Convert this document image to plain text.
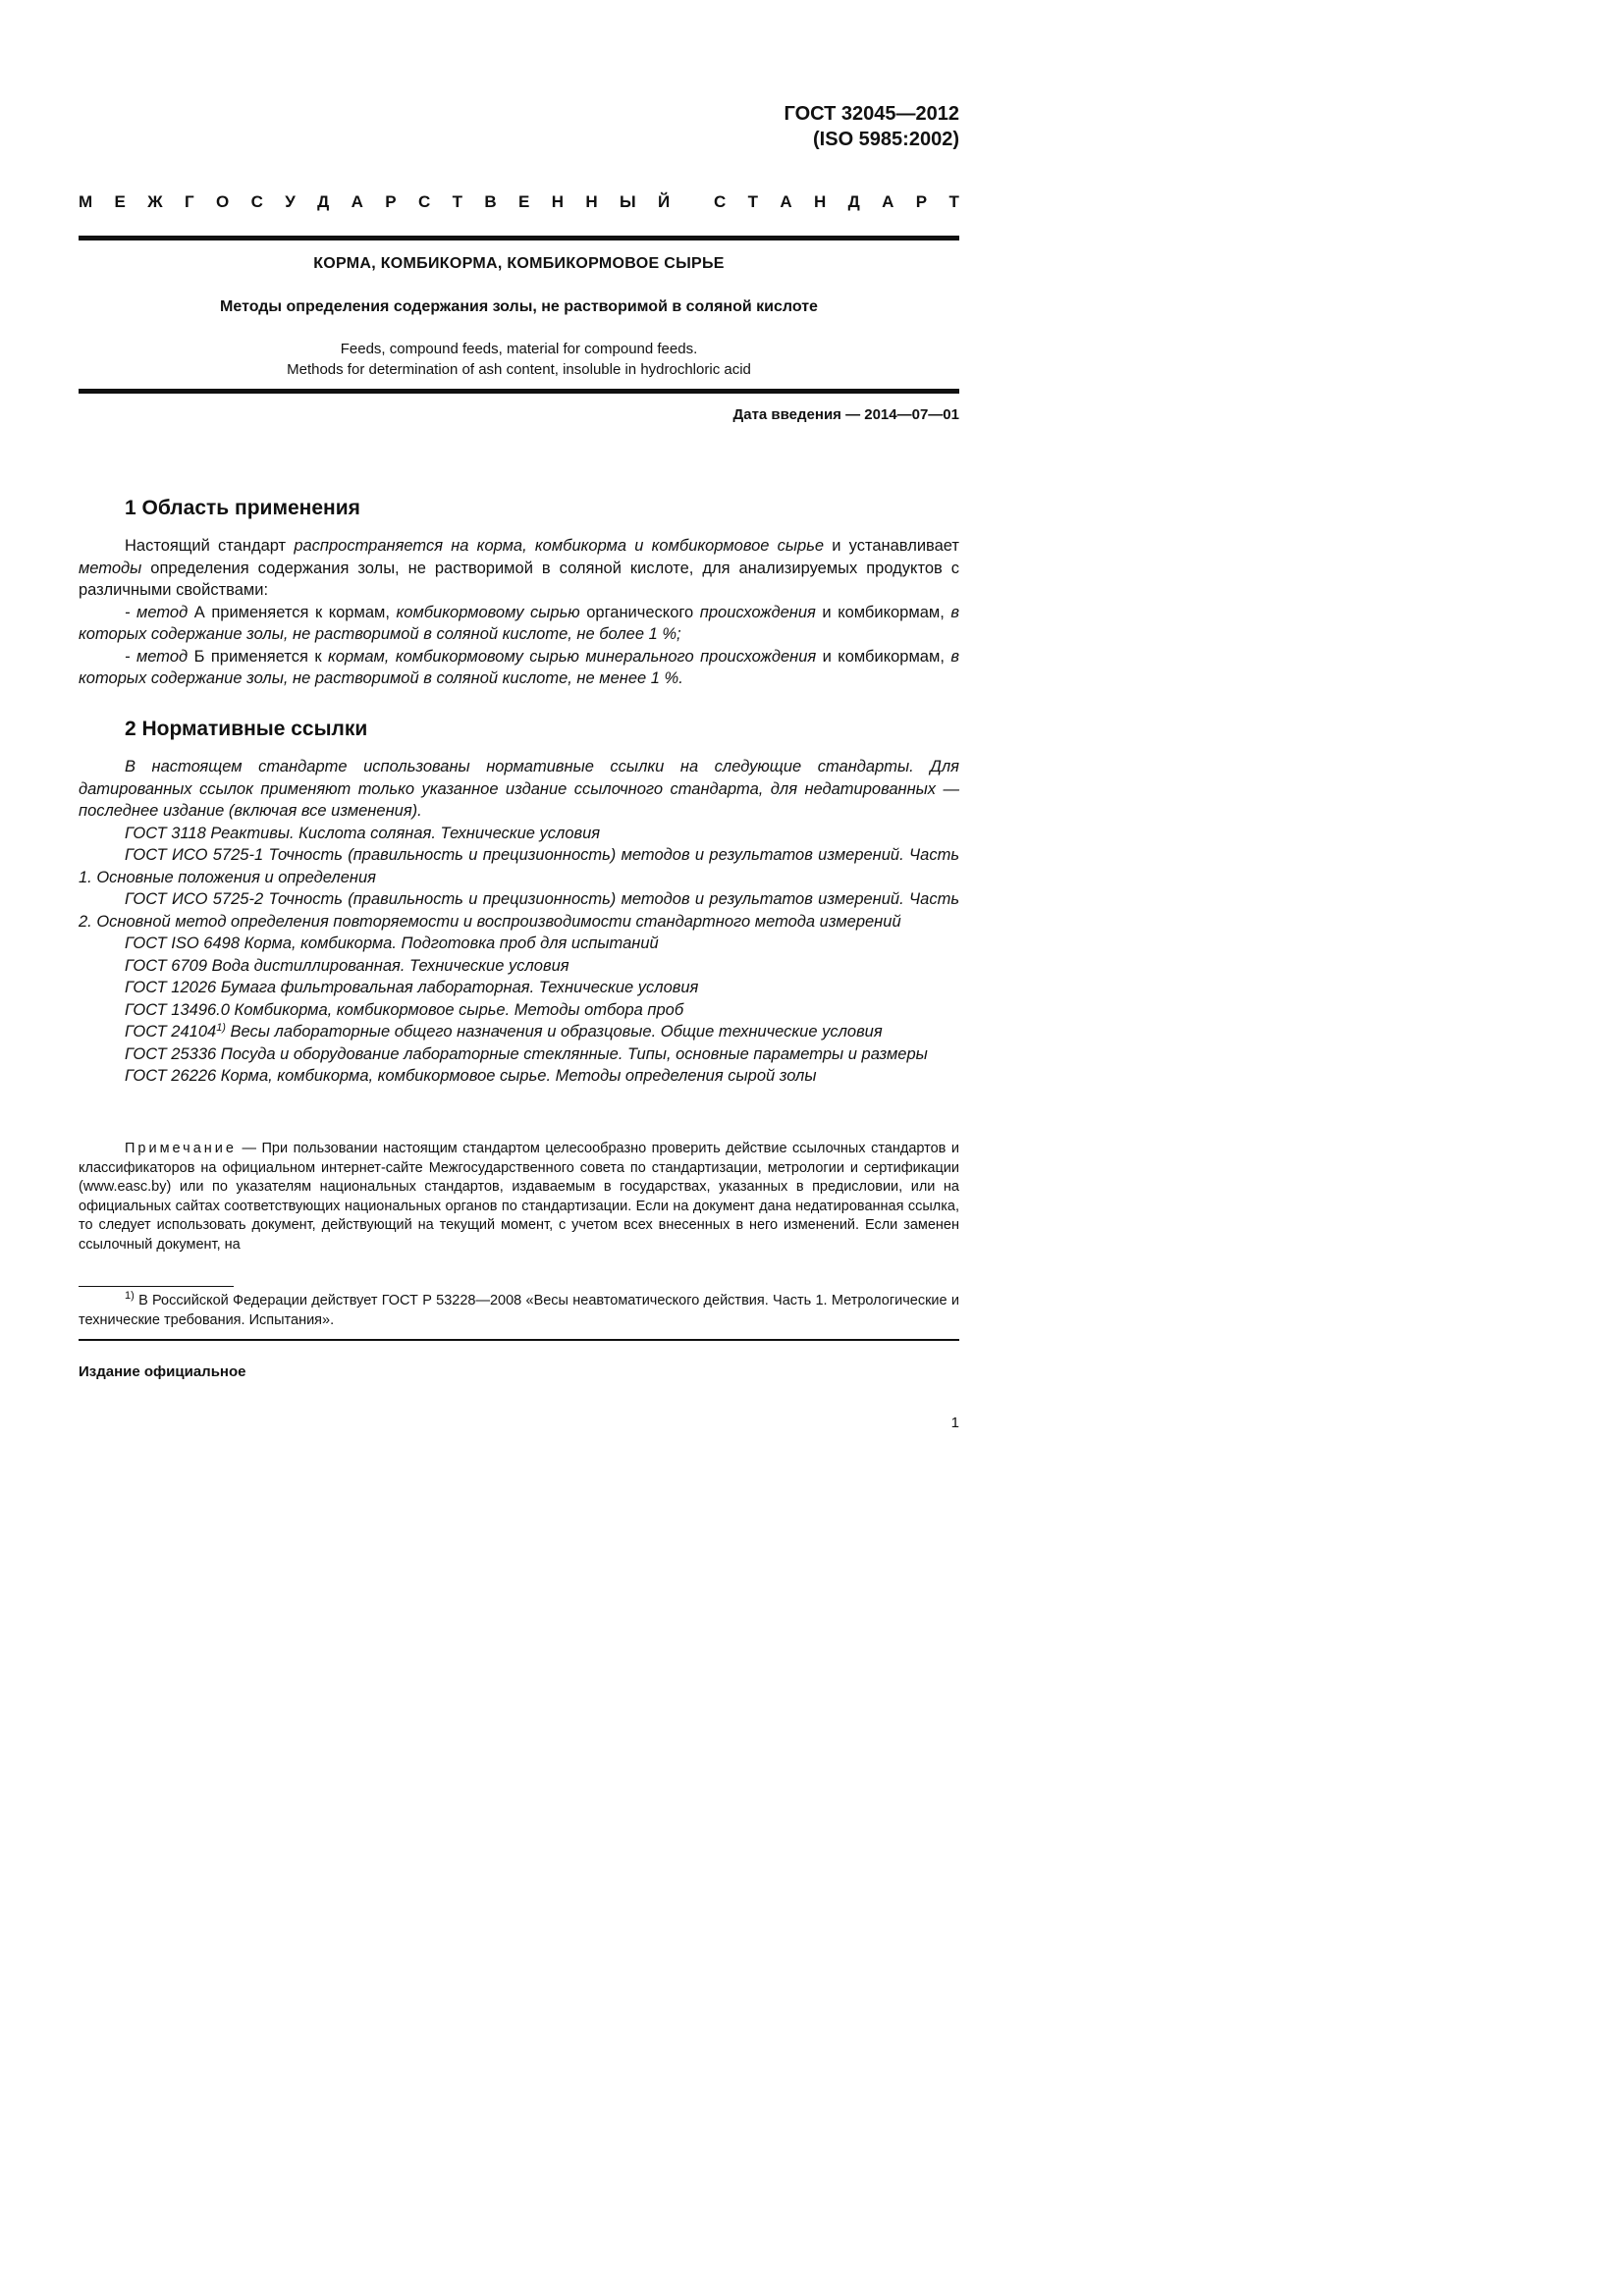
ГОСТ 32045—2012
(ISO 5985:2002)
М Е Ж Г О С У Д А Р С Т В Е Н Н Ы Й	С Т А Н Д А Р Т
КОРМА, КОМБИКОРМА, КОМБИКОРМОВОЕ СЫРЬЕ
Методы определения содержания золы, не растворимой в соляной кислоте
Feeds, compound feeds, material for compound feeds.
Methods for determination of ash content, insoluble in hydrochloric acid
Дата введения — 2014—07—01
1 Область применения

Настоящий стандарт распространяется на корма, комбикорма и комбикормовое сырье и устанавливает методы определения содержания золы, не растворимой в соляной кислоте, для анализируемых продуктов с различными свойствами:

- метод А применяется к кормам, комбикормовому сырью органического происхождения и комбикормам, в которых содержание золы, не растворимой в соляной кислоте, не более 1 %;

- метод Б применяется к кормам, комбикормовому сырью минерального происхождения и комбикормам, в которых содержание золы, не растворимой в соляной кислоте, не менее 1 %.

2 Нормативные ссылки

В настоящем стандарте использованы нормативные ссылки на следующие стандарты. Для датированных ссылок применяют только указанное издание ссылочного стандарта, для недатированных — последнее издание (включая все изменения).

ГОСТ 3118 Реактивы. Кислота соляная. Технические условия

ГОСТ ИСО 5725-1 Точность (правильность и прецизионность) методов и результатов измерений. Часть 1. Основные положения и определения

ГОСТ ИСО 5725-2 Точность (правильность и прецизионность) методов и результатов измерений. Часть 2. Основной метод определения повторяемости и воспроизводимости стандартного метода измерений

ГОСТ ISO 6498 Корма, комбикорма. Подготовка проб для испытаний

ГОСТ 6709 Вода дистиллированная. Технические условия

ГОСТ 12026 Бумага фильтровальная лабораторная. Технические условия

ГОСТ 13496.0 Комбикорма, комбикормовое сырье. Методы отбора проб

ГОСТ 24104$^{1)}$ Весы лабораторные общего назначения и образцовые. Общие технические условия

ГОСТ 25336 Посуда и оборудование лабораторные стеклянные. Типы, основные параметры и размеры

ГОСТ 26226 Корма, комбикорма, комбикормовое сырье. Методы определения сырой золы

Примечание — При пользовании настоящим стандартом целесообразно проверить действие ссылочных стандартов и классификаторов на официальном интернет-сайте Межгосударственного совета по стандартизации, метрологии и сертификации (www.easc.by) или по указателям национальных стандартов, издаваемым в государствах, указанных в предисловии, или на официальных сайтах соответствующих национальных органов по стандартизации. Если на документ дана недатированная ссылка, то следует использовать документ, действующий на текущий момент, с учетом всех внесенных в него изменений. Если заменен ссылочный документ, на

$^{1)}$ В Российской Федерации действует ГОСТ Р 53228—2008 «Весы неавтоматического действия. Часть 1. Метрологические и технические требования. Испытания».

Издание официальное
1
